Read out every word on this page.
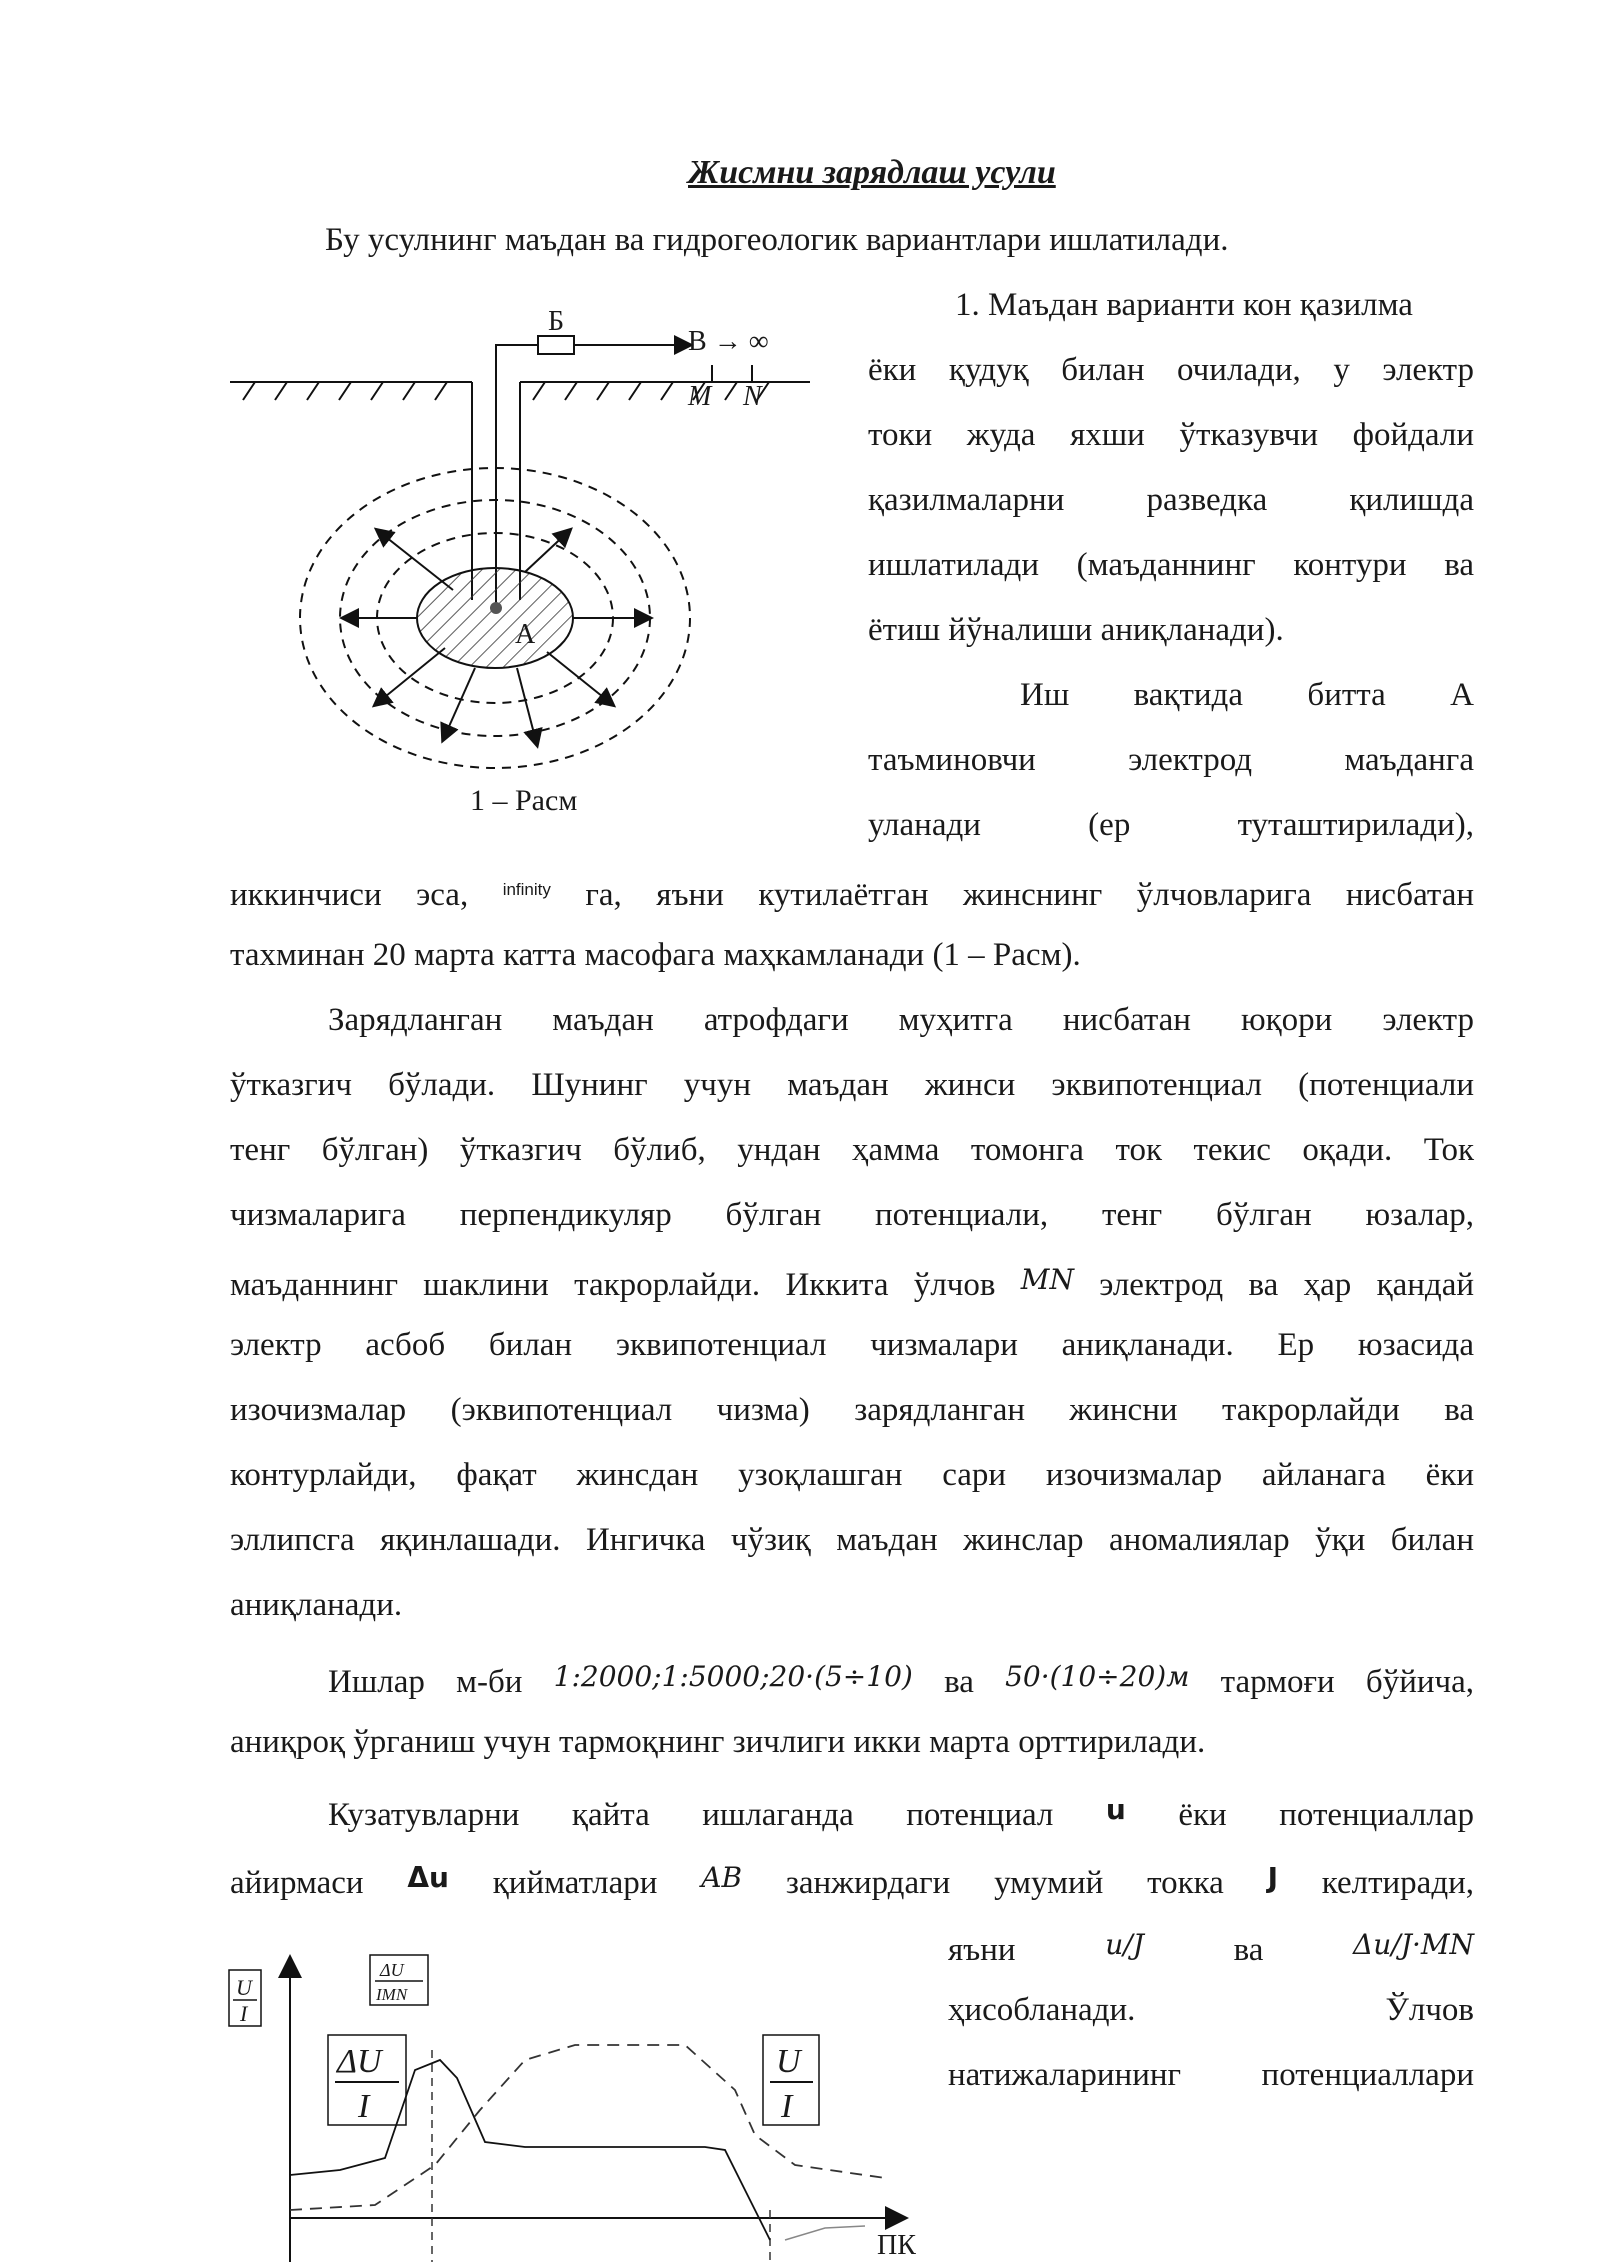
Жисмни зарядлаш усули
Бу усулнинг маъдан ва гидрогеологик вариантлари ишлатилади.
Б
В → ∞
M N
А
1 – Расм
1. Маъдан варианти кон қазилма
ёки қудуқ билан очилади, у электр
токи жуда яхши ўтказувчи фойдали
қазилмаларни разведка қилишда
ишлатилади (маъданнинг контури ва
ётиш йўналиши аниқланади).
Иш вақтида битта А
таъминовчи электрод маъданга
уланади (ер туташтирилади),
иккинчиси эса, $^{infinity}$ га, яъни кутилаётган жинснинг ўлчовларига нисбатан
тахминан 20 марта катта масофага маҳкамланади (1 – Расм).
Зарядланган маъдан атрофдаги муҳитга нисбатан юқори электр
ўтказгич бўлади. Шунинг учун маъдан жинси эквипотенциал (потенциали
тенг бўлган) ўтказгич бўлиб, ундан ҳамма томонга ток текис оқади. Ток
чизмаларига перпендикуляр бўлган потенциали, тенг бўлган юзалар,
маъданнинг шаклини такрорлайди. Иккита ўлчов MN электрод ва ҳар қандай
электр асбоб билан эквипотенциал чизмалари аниқланади. Ер юзасида
изочизмалар (эквипотенциал чизма) зарядланган жинсни такрорлайди ва
контурлайди, фақат жинсдан узоқлашган сари изочизмалар айланага ёки
эллипсга яқинлашади. Ингичка чўзиқ маъдан жинслар аномалиялар ўқи билан
аниқланади.
Ишлар м-би 1:2000;1:5000;20·(5÷10) ва 50·(10÷20)м тармоғи бўйича,
аниқроқ ўрганиш учун тармоқнинг зичлиги икки марта орттирилади.
Кузатувларни қайта ишлаганда потенциал u ёки потенциаллар
айирмаси Δu қийматлари AB занжирдаги умумий токка J келтиради,
яъни	u/J	ва	Δu/J·MN
ҳисобланади.	Ўлчов
натижаларининг потенциаллари
ПК
U
I
ΔU
IMN
ΔU
I
U
I
